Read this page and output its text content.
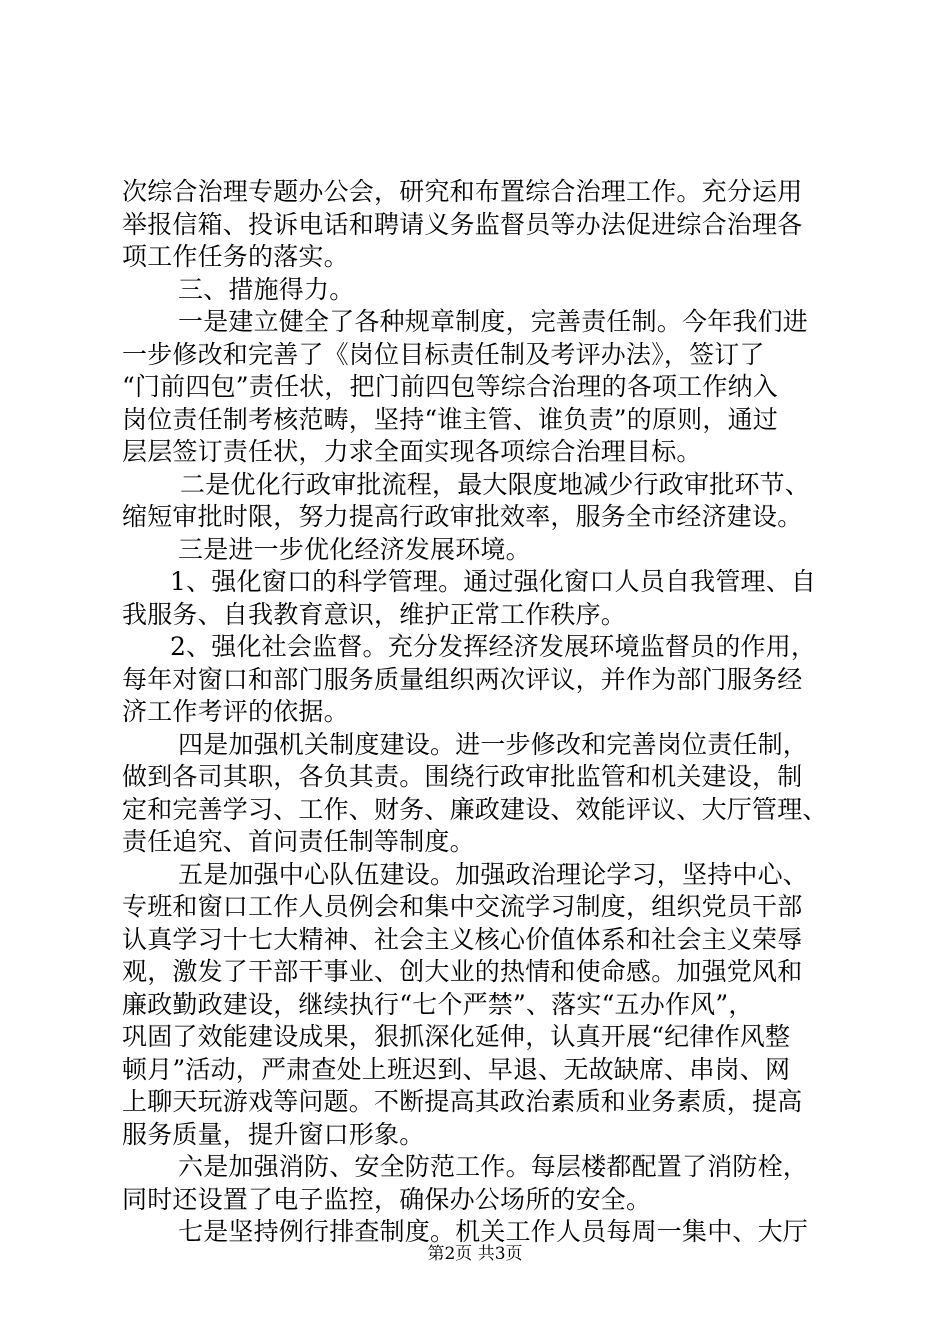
次综合治理专题办公会，研究和布置综合治理工作。充分运用
举报信箱、投诉电话和聘请义务监督员等办法促进综合治理各
项工作任务的落实。
三、措施得力。
一是建立健全了各种规章制度，完善责任制。今年我们进
一步修改和完善了《岗位目标责任制及考评办法》，签订了
“门前四包”责任状，把门前四包等综合治理的各项工作纳入
岗位责任制考核范畴，坚持“谁主管、谁负责”的原则，通过
层层签订责任状，力求全面实现各项综合治理目标。
二是优化行政审批流程，最大限度地减少行政审批环节、
缩短审批时限，努力提高行政审批效率，服务全市经济建设。
三是进一步优化经济发展环境。
1、强化窗口的科学管理。通过强化窗口人员自我管理、自
我服务、自我教育意识，维护正常工作秩序。
2、强化社会监督。充分发挥经济发展环境监督员的作用，
每年对窗口和部门服务质量组织两次评议，并作为部门服务经
济工作考评的依据。
四是加强机关制度建设。进一步修改和完善岗位责任制，
做到各司其职，各负其责。围绕行政审批监管和机关建设，制
定和完善学习、工作、财务、廉政建设、效能评议、大厅管理、
责任追究、首问责任制等制度。
五是加强中心队伍建设。加强政治理论学习，坚持中心、
专班和窗口工作人员例会和集中交流学习制度，组织党员干部
认真学习十七大精神、社会主义核心价值体系和社会主义荣辱
观，激发了干部干事业、创大业的热情和使命感。加强党风和
廉政勤政建设，继续执行“七个严禁”、落实“五办作风”，
巩固了效能建设成果，狠抓深化延伸，认真开展“纪律作风整
顿月”活动，严肃查处上班迟到、早退、无故缺席、串岗、网
上聊天玩游戏等问题。不断提高其政治素质和业务素质，提高
服务质量，提升窗口形象。
六是加强消防、安全防范工作。每层楼都配置了消防栓，
同时还设置了电子监控，确保办公场所的安全。
七是坚持例行排查制度。机关工作人员每周一集中、大厅
第2页 共3页
